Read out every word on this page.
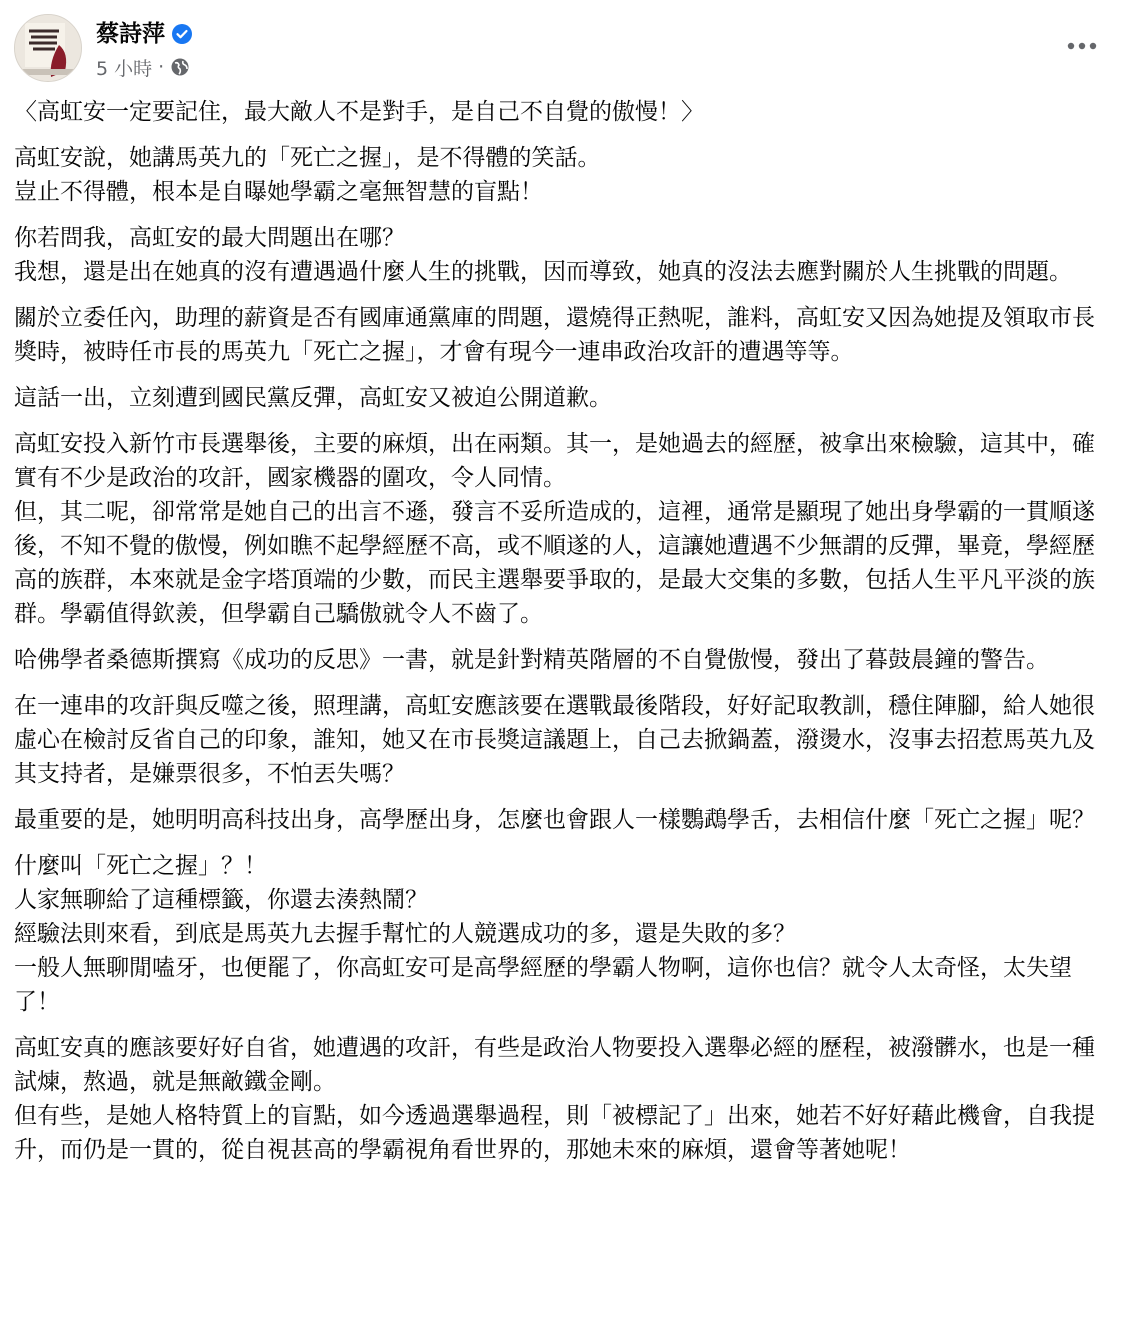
蔡詩萍
5 小時 ·

〈高虹安一定要記住，最大敵人不是對手，是自己不自覺的傲慢！〉

高虹安說，她講馬英九的「死亡之握」，是不得體的笑話。
豈止不得體，根本是自曝她學霸之毫無智慧的盲點！

你若問我，高虹安的最大問題出在哪？
我想，還是出在她真的沒有遭遇過什麼人生的挑戰，因而導致，她真的沒法去應對關於人生挑戰的問題。

關於立委任內，助理的薪資是否有國庫通黨庫的問題，還燒得正熱呢，誰料，高虹安又因為她提及領取市長獎時，被時任市長的馬英九「死亡之握」，才會有現今一連串政治攻訐的遭遇等等。

這話一出，立刻遭到國民黨反彈，高虹安又被迫公開道歉。

高虹安投入新竹市長選舉後，主要的麻煩，出在兩類。其一，是她過去的經歷，被拿出來檢驗，這其中，確實有不少是政治的攻訐，國家機器的圍攻，令人同情。
但，其二呢，卻常常是她自己的出言不遜，發言不妥所造成的，這裡，通常是顯現了她出身學霸的一貫順遂後，不知不覺的傲慢，例如瞧不起學經歷不高，或不順遂的人，這讓她遭遇不少無謂的反彈，畢竟，學經歷高的族群，本來就是金字塔頂端的少數，而民主選舉要爭取的，是最大交集的多數，包括人生平凡平淡的族群。學霸值得欽羨，但學霸自己驕傲就令人不齒了。

哈佛學者桑德斯撰寫《成功的反思》一書，就是針對精英階層的不自覺傲慢，發出了暮鼓晨鐘的警告。

在一連串的攻訐與反噬之後，照理講，高虹安應該要在選戰最後階段，好好記取教訓，穩住陣腳，給人她很虛心在檢討反省自己的印象，誰知，她又在市長獎這議題上，自己去掀鍋蓋，潑燙水，沒事去招惹馬英九及其支持者，是嫌票很多，不怕丟失嗎？

最重要的是，她明明高科技出身，高學歷出身，怎麼也會跟人一樣鸚鵡學舌，去相信什麼「死亡之握」呢？

什麼叫「死亡之握」？！
人家無聊給了這種標籤，你還去湊熱鬧？
經驗法則來看，到底是馬英九去握手幫忙的人競選成功的多，還是失敗的多？
一般人無聊閒嗑牙，也便罷了，你高虹安可是高學經歷的學霸人物啊，這你也信？就令人太奇怪，太失望了！

高虹安真的應該要好好自省，她遭遇的攻訐，有些是政治人物要投入選舉必經的歷程，被潑髒水，也是一種試煉，熬過，就是無敵鐵金剛。
但有些，是她人格特質上的盲點，如今透過選舉過程，則「被標記了」出來，她若不好好藉此機會，自我提升，而仍是一貫的，從自視甚高的學霸視角看世界的，那她未來的麻煩，還會等著她呢！
